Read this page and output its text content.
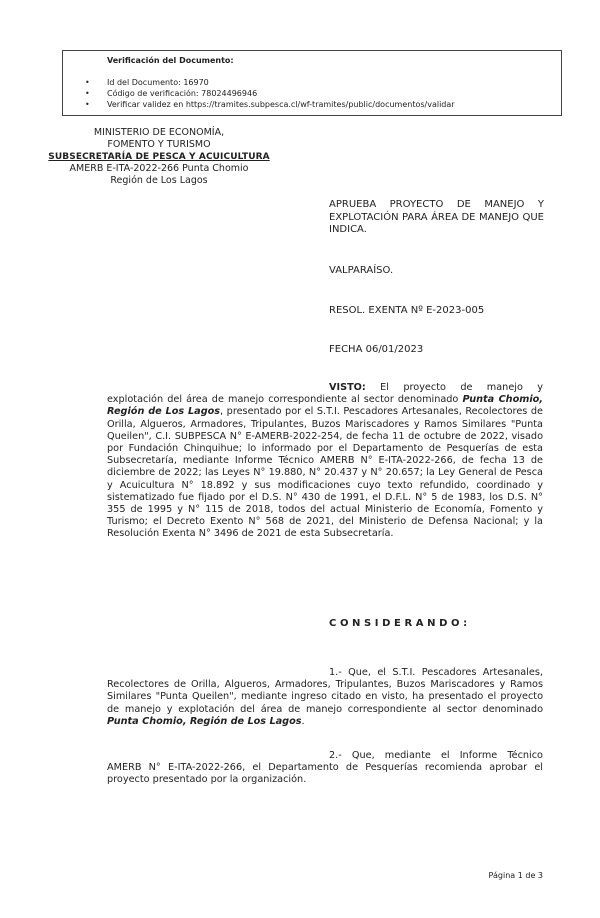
Verificación del Documento:
• Id del Documento: 16970
• Código de verificación: 78024496946
• Verificar validez en https://tramites.subpesca.cl/wf-tramites/public/documentos/validar
MINISTERIO DE ECONOMÍA,
FOMENTO Y TURISMO
SUBSECRETARÍA DE PESCA Y ACUICULTURA
AMERB E-ITA-2022-266 Punta Chomio
Región de Los Lagos
APRUEBA PROYECTO DE MANEJO Y EXPLOTACIÓN PARA ÁREA DE MANEJO QUE INDICA.
VALPARAÍSO.
RESOL. EXENTA Nº E-2023-005
FECHA 06/01/2023
VISTO: El proyecto de manejo y explotación del área de manejo correspondiente al sector denominado Punta Chomio, Región de Los Lagos, presentado por el S.T.I. Pescadores Artesanales, Recolectores de Orilla, Algueros, Armadores, Tripulantes, Buzos Mariscadores y Ramos Similares "Punta Queilen", C.I. SUBPESCA N° E-AMERB-2022-254, de fecha 11 de octubre de 2022, visado por Fundación Chinquihue; lo informado por el Departamento de Pesquerías de esta Subsecretaría, mediante Informe Técnico AMERB N° E-ITA-2022-266, de fecha 13 de diciembre de 2022; las Leyes N° 19.880, N° 20.437 y N° 20.657; la Ley General de Pesca y Acuicultura N° 18.892 y sus modificaciones cuyo texto refundido, coordinado y sistematizado fue fijado por el D.S. N° 430 de 1991, el D.F.L. N° 5 de 1983, los D.S. N° 355 de 1995 y N° 115 de 2018, todos del actual Ministerio de Economía, Fomento y Turismo; el Decreto Exento N° 568 de 2021, del Ministerio de Defensa Nacional; y la Resolución Exenta N° 3496 de 2021 de esta Subsecretaría.
CONSIDERANDO:
1.- Que, el S.T.I. Pescadores Artesanales, Recolectores de Orilla, Algueros, Armadores, Tripulantes, Buzos Mariscadores y Ramos Similares "Punta Queilen", mediante ingreso citado en visto, ha presentado el proyecto de manejo y explotación del área de manejo correspondiente al sector denominado Punta Chomio, Región de Los Lagos.
2.- Que, mediante el Informe Técnico AMERB N° E-ITA-2022-266, el Departamento de Pesquerías recomienda aprobar el proyecto presentado por la organización.
Página 1 de 3
